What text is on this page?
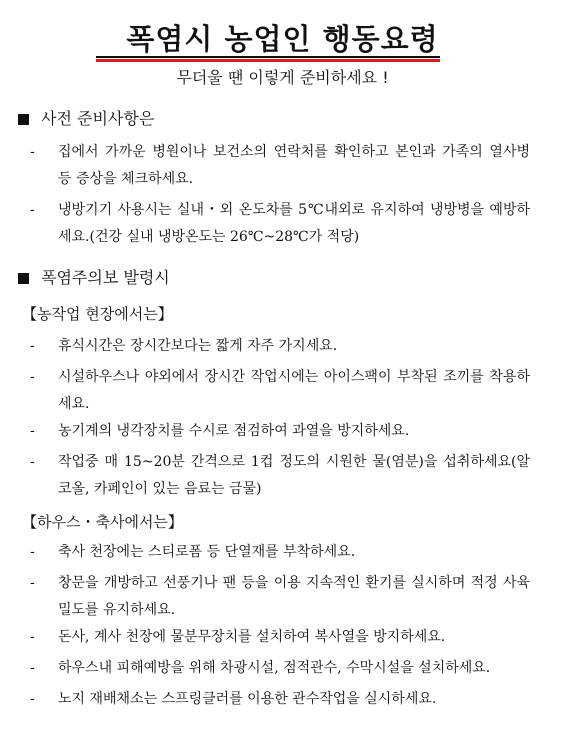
폭염시 농업인 행동요령
무더울 땐 이렇게 준비하세요 !
사전 준비사항은
-	집에서 가까운 병원이나 보건소의 연락처를 확인하고 본인과 가족의 열사병 등 증상을 체크하세요.
-	냉방기기 사용시는 실내・외 온도차를 5℃내외로 유지하여 냉방병을 예방하세요.(건강 실내 냉방온도는 26℃~28℃가 적당)
폭염주의보 발령시
【농작업 현장에서는】
-	휴식시간은 장시간보다는 짧게 자주 가지세요.
-	시설하우스나 야외에서 장시간 작업시에는 아이스팩이 부착된 조끼를 착용하세요.
-	농기계의 냉각장치를 수시로 점검하여 과열을 방지하세요.
-	작업중 매 15~20분 간격으로 1컵 정도의 시원한 물(염분)을 섭취하세요(알코올, 카페인이 있는 음료는 금물)
【하우스・축사에서는】
-	축사 천장에는 스티로폼 등 단열재를 부착하세요.
-	창문을 개방하고 선풍기나 팬 등을 이용 지속적인 환기를 실시하며 적정 사육밀도를 유지하세요.
-	돈사, 계사 천장에 물분무장치를 설치하여 복사열을 방지하세요.
-	하우스내 피해예방을 위해 차광시설, 점적관수, 수막시설을 설치하세요.
-	노지 재배채소는 스프링클러를 이용한 관수작업을 실시하세요.
